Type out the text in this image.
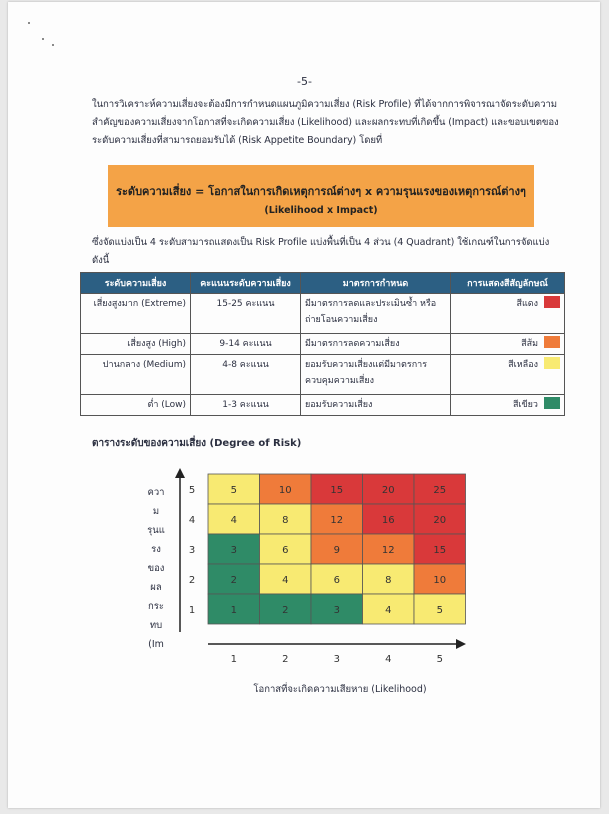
-5-
ในการวิเคราะห์ความเสี่ยงจะต้องมีการกำหนดแผนภูมิความเสี่ยง (Risk Profile) ที่ได้จากการพิจารณาจัดระดับความสำคัญของความเสี่ยงจากโอกาสที่จะเกิดความเสี่ยง (Likelihood) และผลกระทบที่เกิดขึ้น (Impact) และขอบเขตของระดับความเสี่ยงที่สามารถยอมรับได้ (Risk Appetite Boundary) โดยที่
ระดับความเสี่ยง = โอกาสในการเกิดเหตุการณ์ต่างๆ x ความรุนแรงของเหตุการณ์ต่างๆ
(Likelihood x Impact)
ซึ่งจัดแบ่งเป็น 4 ระดับสามารถแสดงเป็น Risk Profile แบ่งพื้นที่เป็น 4 ส่วน (4 Quadrant) ใช้เกณฑ์ในการจัดแบ่งดังนี้
ระดับความเสี่ยง	คะแนนระดับความเสี่ยง	มาตรการกำหนด	การแสดงสีสัญลักษณ์
เสี่ยงสูงมาก (Extreme)	15-25 คะแนน	มีมาตรการลดและประเมินซ้ำ หรือถ่ายโอนความเสี่ยง	สีแดง
เสี่ยงสูง (High)	9-14 คะแนน	มีมาตรการลดความเสี่ยง	สีส้ม
ปานกลาง (Medium)	4-8 คะแนน	ยอมรับความเสี่ยงแต่มีมาตรการควบคุมความเสี่ยง	สีเหลือง
ต่ำ (Low)	1-3 คะแนน	ยอมรับความเสี่ยง	สีเขียว
ตารางระดับของความเสี่ยง (Degree of Risk)
ควา
ม
รุนแ
รง
ของ
ผล
กระ
ทบ
(Im
5	10	15	20	25
4	8	12	16	20
3	6	9	12	15
2	4	6	8	10
1	2	3	4	5
5
4
3
2
1
1	2	3	4	5
โอกาสที่จะเกิดความเสียหาย (Likelihood)
